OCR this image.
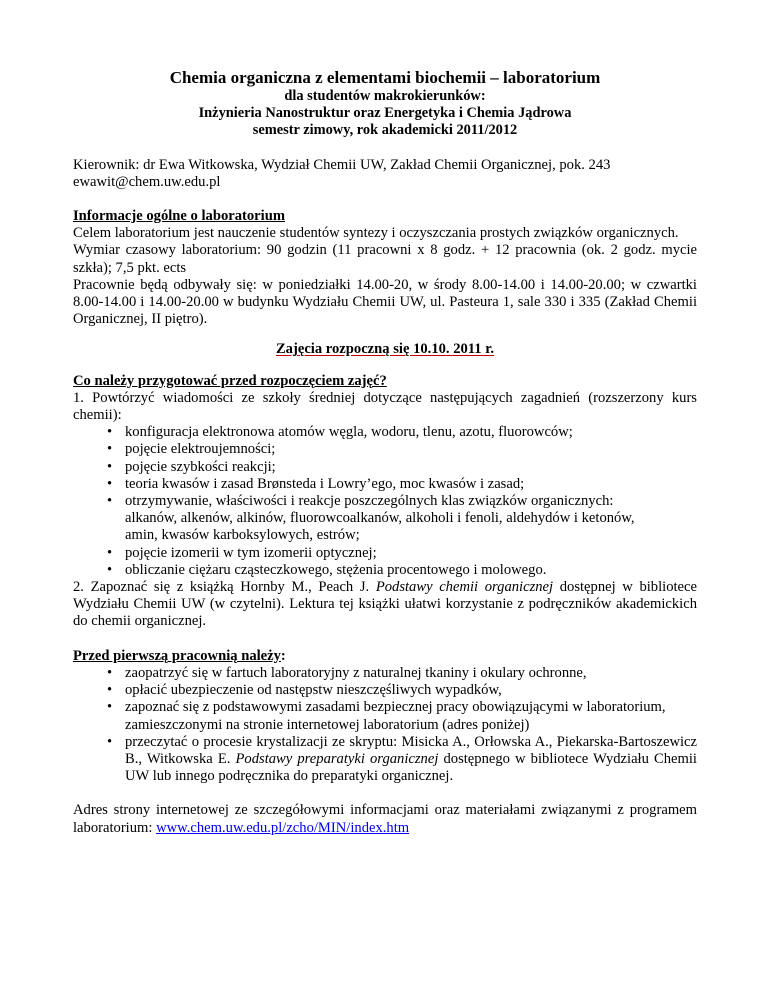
Chemia organiczna z elementami biochemii – laboratorium
dla studentów makrokierunków:
Inżynieria Nanostruktur oraz Energetyka i Chemia Jądrowa
semestr zimowy, rok akademicki 2011/2012

Kierownik: dr Ewa Witkowska, Wydział Chemii UW, Zakład Chemii Organicznej, pok. 243

ewawit@chem.uw.edu.pl

Informacje ogólne o laboratorium

Celem laboratorium jest nauczenie studentów syntezy i oczyszczania prostych związków organicznych.

Wymiar czasowy laboratorium: 90 godzin (11 pracowni x 8 godz. + 12 pracownia (ok. 2 godz. mycie szkła); 7,5 pkt. ects

Pracownie będą odbywały się: w poniedziałki 14.00-20, w środy 8.00-14.00 i 14.00-20.00; w czwartki 8.00-14.00 i 14.00-20.00 w budynku Wydziału Chemii UW, ul. Pasteura 1, sale 330 i 335 (Zakład Chemii Organicznej, II piętro).

Zajęcia rozpoczną się 10.10. 2011 r.

Co należy przygotować przed rozpoczęciem zajęć?

1. Powtórzyć wiadomości ze szkoły średniej dotyczące następujących zagadnień (rozszerzony kurs chemii):

• konfiguracja elektronowa atomów węgla, wodoru, tlenu, azotu, fluorowców;
• pojęcie elektroujemności;
• pojęcie szybkości reakcji;
• teoria kwasów i zasad Brønsteda i Lowry’ego, moc kwasów i zasad;
• otrzymywanie, właściwości i reakcje poszczególnych klas związków organicznych: alkanów, alkenów, alkinów, fluorowcoalkanów, alkoholi i fenoli, aldehydów i ketonów, amin, kwasów karboksylowych, estrów;
• pojęcie izomerii w tym izomerii optycznej;
• obliczanie ciężaru cząsteczkowego, stężenia procentowego i molowego.

2. Zapoznać się z książką Hornby M., Peach J. Podstawy chemii organicznej dostępnej w bibliotece Wydziału Chemii UW (w czytelni). Lektura tej książki ułatwi korzystanie z podręczników akademickich do chemii organicznej.

Przed pierwszą pracownią należy:

• zaopatrzyć się w fartuch laboratoryjny z naturalnej tkaniny i okulary ochronne,
• opłacić ubezpieczenie od następstw nieszczęśliwych wypadków,
• zapoznać się z podstawowymi zasadami bezpiecznej pracy obowiązującymi w laboratorium, zamieszczonymi na stronie internetowej laboratorium (adres poniżej)
• przeczytać o procesie krystalizacji ze skryptu: Misicka A., Orłowska A., Piekarska-Bartoszewicz B., Witkowska E. Podstawy preparatyki organicznej dostępnego w bibliotece Wydziału Chemii UW lub innego podręcznika do preparatyki organicznej.

Adres strony internetowej ze szczegółowymi informacjami oraz materiałami związanymi z programem laboratorium: www.chem.uw.edu.pl/zcho/MIN/index.htm
